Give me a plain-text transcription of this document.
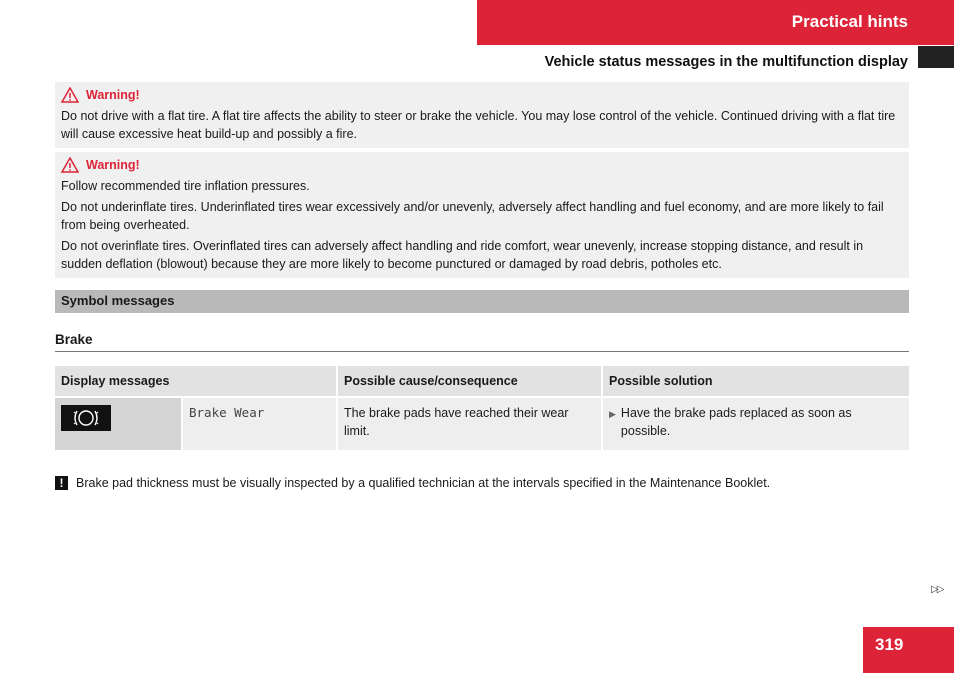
Practical hints
Vehicle status messages in the multifunction display
Warning!

Do not drive with a flat tire. A flat tire affects the ability to steer or brake the vehicle. You may lose control of the vehicle. Continued driving with a flat tire will cause excessive heat build-up and possibly a fire.

Warning!

Follow recommended tire inflation pressures.

Do not underinflate tires. Underinflated tires wear excessively and/or unevenly, adversely affect handling and fuel economy, and are more likely to fail from being overheated.

Do not overinflate tires. Overinflated tires can adversely affect handling and ride comfort, wear unevenly, increase stopping distance, and result in sudden deflation (blowout) because they are more likely to become punctured or damaged by road debris, potholes etc.

Symbol messages
Brake
Display messages		Possible cause/consequence	Possible solution
	Brake Wear	The brake pads have reached their wear limit.	▶ Have the brake pads replaced as soon as possible.
!	Brake pad thickness must be visually inspected by a qualified technician at the intervals specified in the Maintenance Booklet.
▷▷
319
